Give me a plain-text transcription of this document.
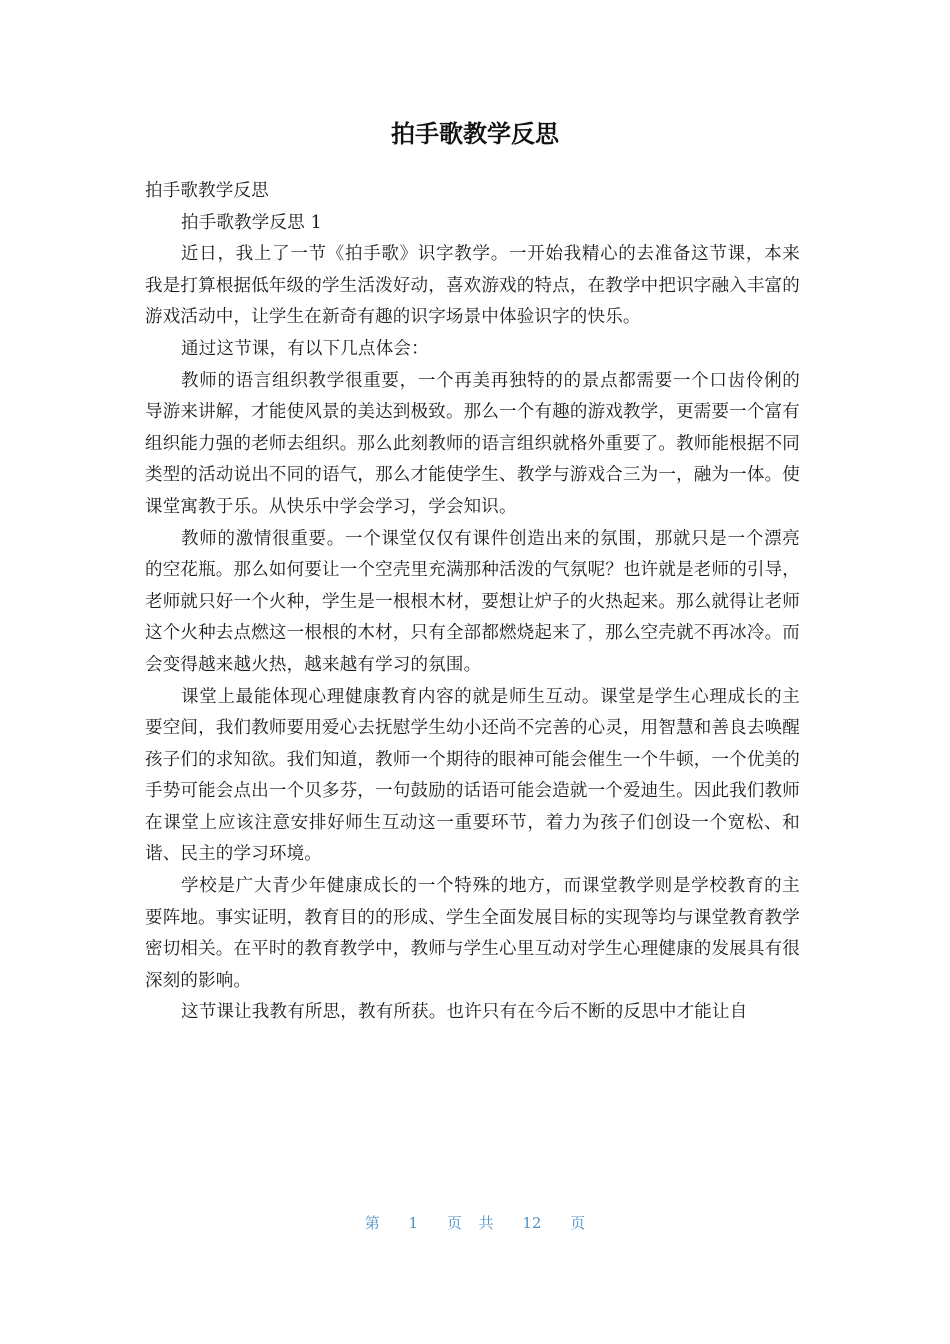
拍手歌教学反思

拍手歌教学反思

拍手歌教学反思 1

近日，我上了一节《拍手歌》识字教学。一开始我精心的去准备这节课，本来我是打算根据低年级的学生活泼好动，喜欢游戏的特点，在教学中把识字融入丰富的游戏活动中，让学生在新奇有趣的识字场景中体验识字的快乐。

通过这节课，有以下几点体会：

教师的语言组织教学很重要，一个再美再独特的的景点都需要一个口齿伶俐的导游来讲解，才能使风景的美达到极致。那么一个有趣的游戏教学，更需要一个富有组织能力强的老师去组织。那么此刻教师的语言组织就格外重要了。教师能根据不同类型的活动说出不同的语气，那么才能使学生、教学与游戏合三为一，融为一体。使课堂寓教于乐。从快乐中学会学习，学会知识。

教师的激情很重要。一个课堂仅仅有课件创造出来的氛围，那就只是一个漂亮的空花瓶。那么如何要让一个空壳里充满那种活泼的气氛呢？也许就是老师的引导，老师就只好一个火种，学生是一根根木材，要想让炉子的火热起来。那么就得让老师这个火种去点燃这一根根的木材，只有全部都燃烧起来了，那么空壳就不再冰冷。而会变得越来越火热，越来越有学习的氛围。

课堂上最能体现心理健康教育内容的就是师生互动。课堂是学生心理成长的主要空间，我们教师要用爱心去抚慰学生幼小还尚不完善的心灵，用智慧和善良去唤醒孩子们的求知欲。我们知道，教师一个期待的眼神可能会催生一个牛顿，一个优美的手势可能会点出一个贝多芬，一句鼓励的话语可能会造就一个爱迪生。因此我们教师在课堂上应该注意安排好师生互动这一重要环节，着力为孩子们创设一个宽松、和谐、民主的学习环境。

学校是广大青少年健康成长的一个特殊的地方，而课堂教学则是学校教育的主要阵地。事实证明，教育目的的形成、学生全面发展目标的实现等均与课堂教育教学密切相关。在平时的教育教学中，教师与学生心里互动对学生心理健康的发展具有很深刻的影响。

这节课让我教有所思，教有所获。也许只有在今后不断的反思中才能让自

第 1 页 共 12 页
